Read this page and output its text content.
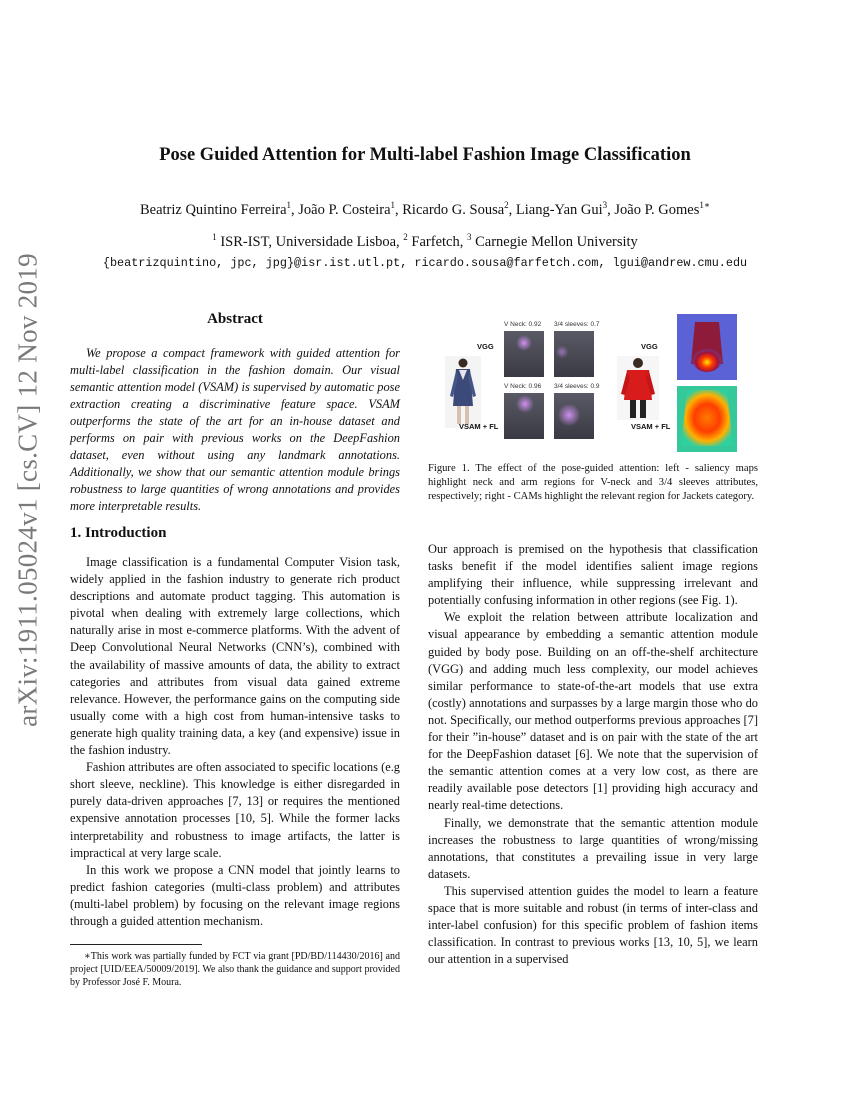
arXiv:1911.05024v1 [cs.CV] 12 Nov 2019
Pose Guided Attention for Multi-label Fashion Image Classification
Beatriz Quintino Ferreira$^1$, João P. Costeira$^1$, Ricardo G. Sousa$^2$, Liang-Yan Gui$^3$, João P. Gomes$^{1∗}$
$^1$ ISR-IST, Universidade Lisboa, $^2$ Farfetch, $^3$ Carnegie Mellon University
{beatrizquintino, jpc, jpg}@isr.ist.utl.pt, ricardo.sousa@farfetch.com, lgui@andrew.cmu.edu
Abstract

We propose a compact framework with guided attention for multi-label classification in the fashion domain. Our visual semantic attention model (VSAM) is supervised by automatic pose extraction creating a discriminative feature space. VSAM outperforms the state of the art for an in-house dataset and performs on pair with previous works on the DeepFashion dataset, even without using any landmark annotations. Additionally, we show that our semantic attention module brings robustness to large quantities of wrong annotations and provides more interpretable results.

1. Introduction

Image classification is a fundamental Computer Vision task, widely applied in the fashion industry to generate rich product descriptions and automate product tagging. This automation is pivotal when dealing with extremely large collections, which naturally arise in most e-commerce platforms. With the advent of Deep Convolutional Neural Networks (CNN’s), combined with the availability of massive amounts of data, the ability to extract categories and attributes from visual data gained extreme relevance. However, the performance gains on the computing side usually come with a high cost from human-intensive tasks to generate high quality training data, a key (and expensive) issue in the fashion industry.

Fashion attributes are often associated to specific locations (e.g short sleeve, neckline). This knowledge is either disregarded in purely data-driven approaches [7, 13] or requires the mentioned expensive annotation processes [10, 5]. While the former lacks interpretability and robustness to image artifacts, the latter is impractical at very large scale.

In this work we propose a CNN model that jointly learns to predict fashion categories (multi-class problem) and attributes (multi-label problem) by focusing on the relevant image regions through a guided attention mechanism.

∗This work was partially funded by FCT via grant [PD/BD/114430/2016] and project [UID/EEA/50009/2019]. We also thank the guidance and support provided by Professor José F. Moura.

VGG
VSAM + FL
V Neck: 0.92 3/4 sleeves: 0.7
V Neck: 0.96 3/4 sleeves: 0.9
VGG
VSAM + FL

Figure 1. The effect of the pose-guided attention: left - saliency maps highlight neck and arm regions for V-neck and 3/4 sleeves attributes, respectively; right - CAMs highlight the relevant region for Jackets category.

Our approach is premised on the hypothesis that classification tasks benefit if the model identifies salient image regions amplifying their influence, while suppressing irrelevant and potentially confusing information in other regions (see Fig. 1).

We exploit the relation between attribute localization and visual appearance by embedding a semantic attention module guided by body pose. Building on an off-the-shelf architecture (VGG) and adding much less complexity, our model achieves similar performance to state-of-the-art models that use extra (costly) annotations and surpasses by a large margin those who do not. Specifically, our method outperforms previous approaches [7] for their ”in-house” dataset and is on pair with the state of the art for the DeepFashion dataset [6]. We note that the supervision of the semantic attention comes at a very low cost, as there are readily available pose detectors [1] providing high accuracy and nearly real-time detections.

Finally, we demonstrate that the semantic attention module increases the robustness to large quantities of wrong/missing annotations, that constitutes a prevailing issue in very large datasets.

This supervised attention guides the model to learn a feature space that is more suitable and robust (in terms of inter-class and inter-label confusion) for this specific problem of fashion items classification. In contrast to previous works [13, 10, 5], we learn our attention in a supervised
